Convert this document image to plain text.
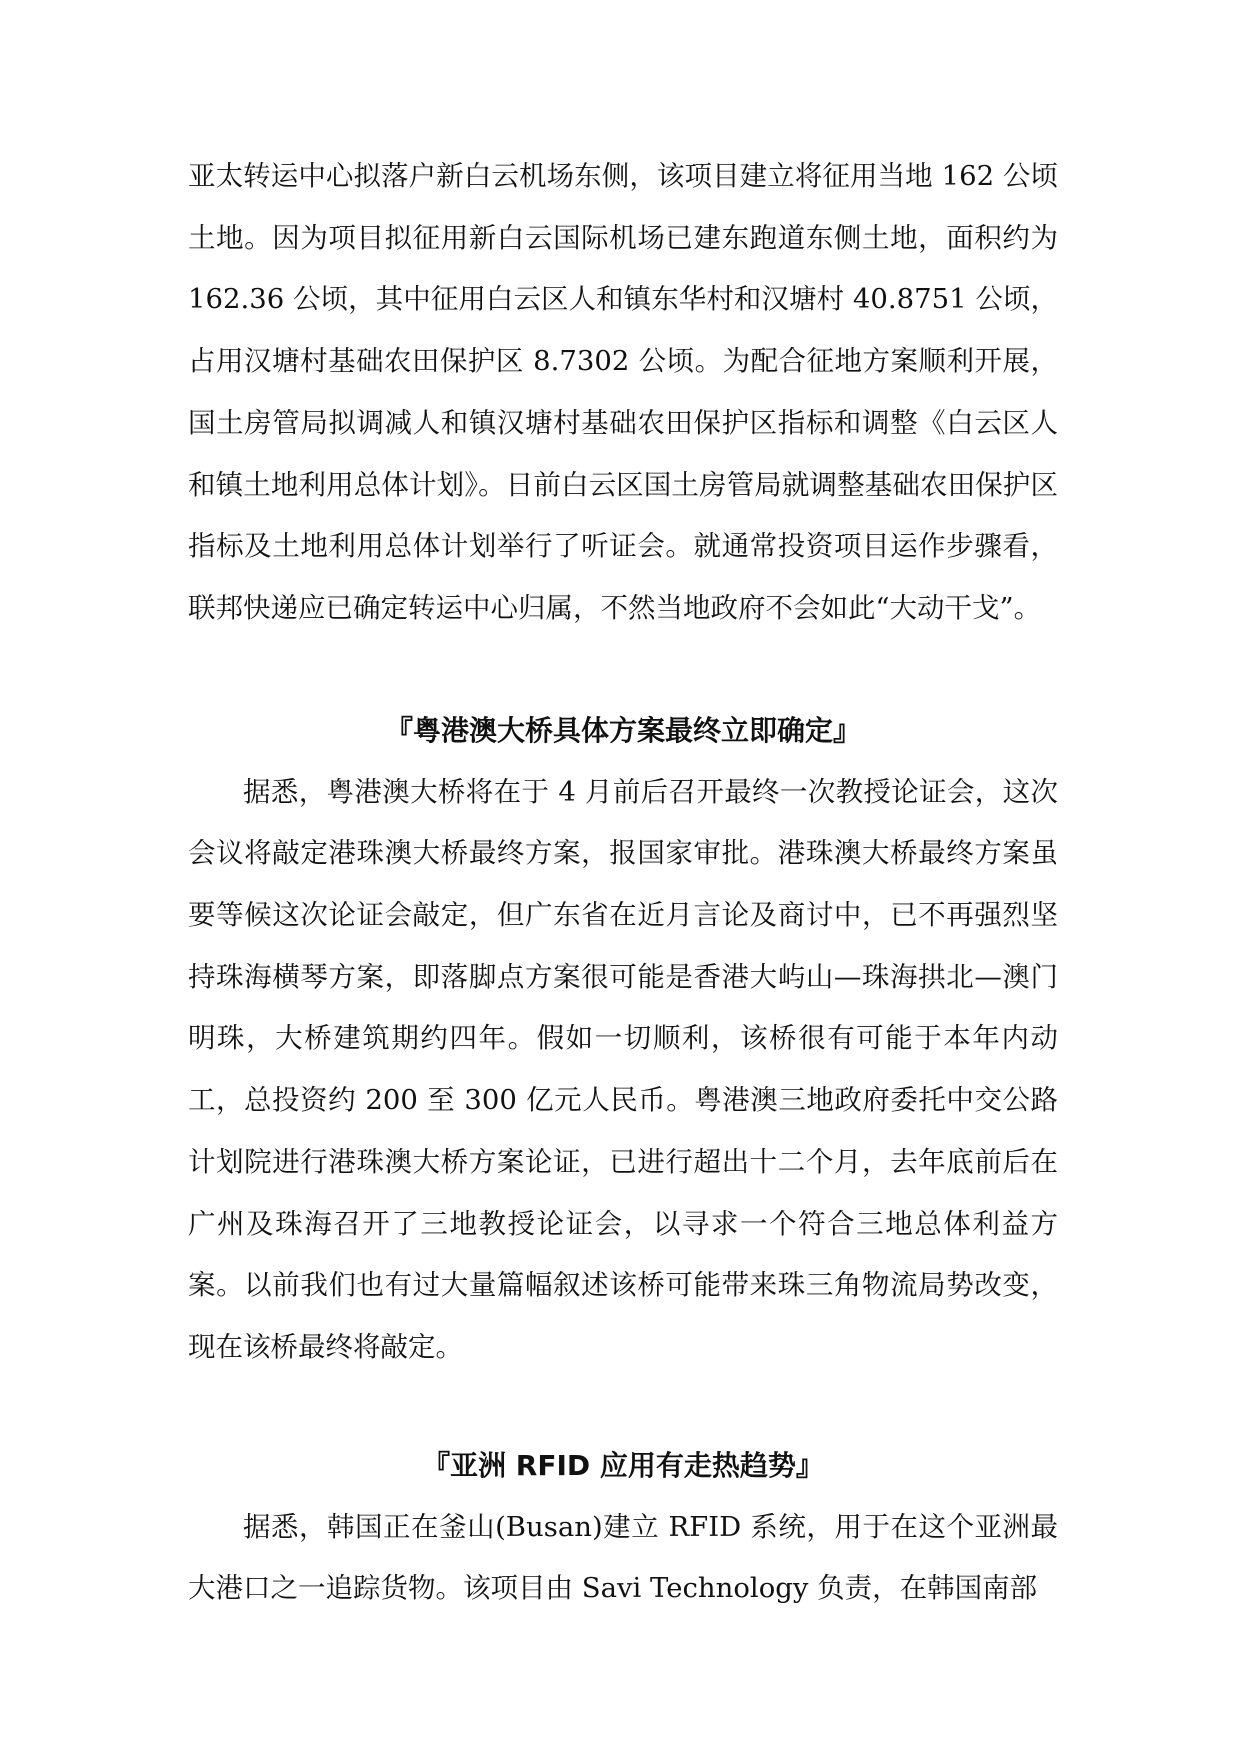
亚太转运中心拟落户新白云机场东侧，该项目建立将征用当地 162 公顷土地。因为项目拟征用新白云国际机场已建东跑道东侧土地，面积约为 162.36 公顷，其中征用白云区人和镇东华村和汉塘村 40.8751 公顷，占用汉塘村基础农田保护区 8.7302 公顷。为配合征地方案顺利开展，国土房管局拟调减人和镇汉塘村基础农田保护区指标和调整《白云区人和镇土地利用总体计划》。日前白云区国土房管局就调整基础农田保护区指标及土地利用总体计划举行了听证会。就通常投资项目运作步骤看，联邦快递应已确定转运中心归属，不然当地政府不会如此“大动干戈”。

『粤港澳大桥具体方案最终立即确定』

据悉，粤港澳大桥将在于 4 月前后召开最终一次教授论证会，这次会议将敲定港珠澳大桥最终方案，报国家审批。港珠澳大桥最终方案虽要等候这次论证会敲定，但广东省在近月言论及商讨中，已不再强烈坚持珠海横琴方案，即落脚点方案很可能是香港大屿山—珠海拱北—澳门明珠，大桥建筑期约四年。假如一切顺利，该桥很有可能于本年内动工，总投资约 200 至 300 亿元人民币。粤港澳三地政府委托中交公路计划院进行港珠澳大桥方案论证，已进行超出十二个月，去年底前后在广州及珠海召开了三地教授论证会，以寻求一个符合三地总体利益方案。以前我们也有过大量篇幅叙述该桥可能带来珠三角物流局势改变，现在该桥最终将敲定。

『亚洲 RFID 应用有走热趋势』

据悉，韩国正在釜山(Busan)建立 RFID 系统，用于在这个亚洲最大港口之一追踪货物。该项目由 Savi Technology 负责，在韩国南部
